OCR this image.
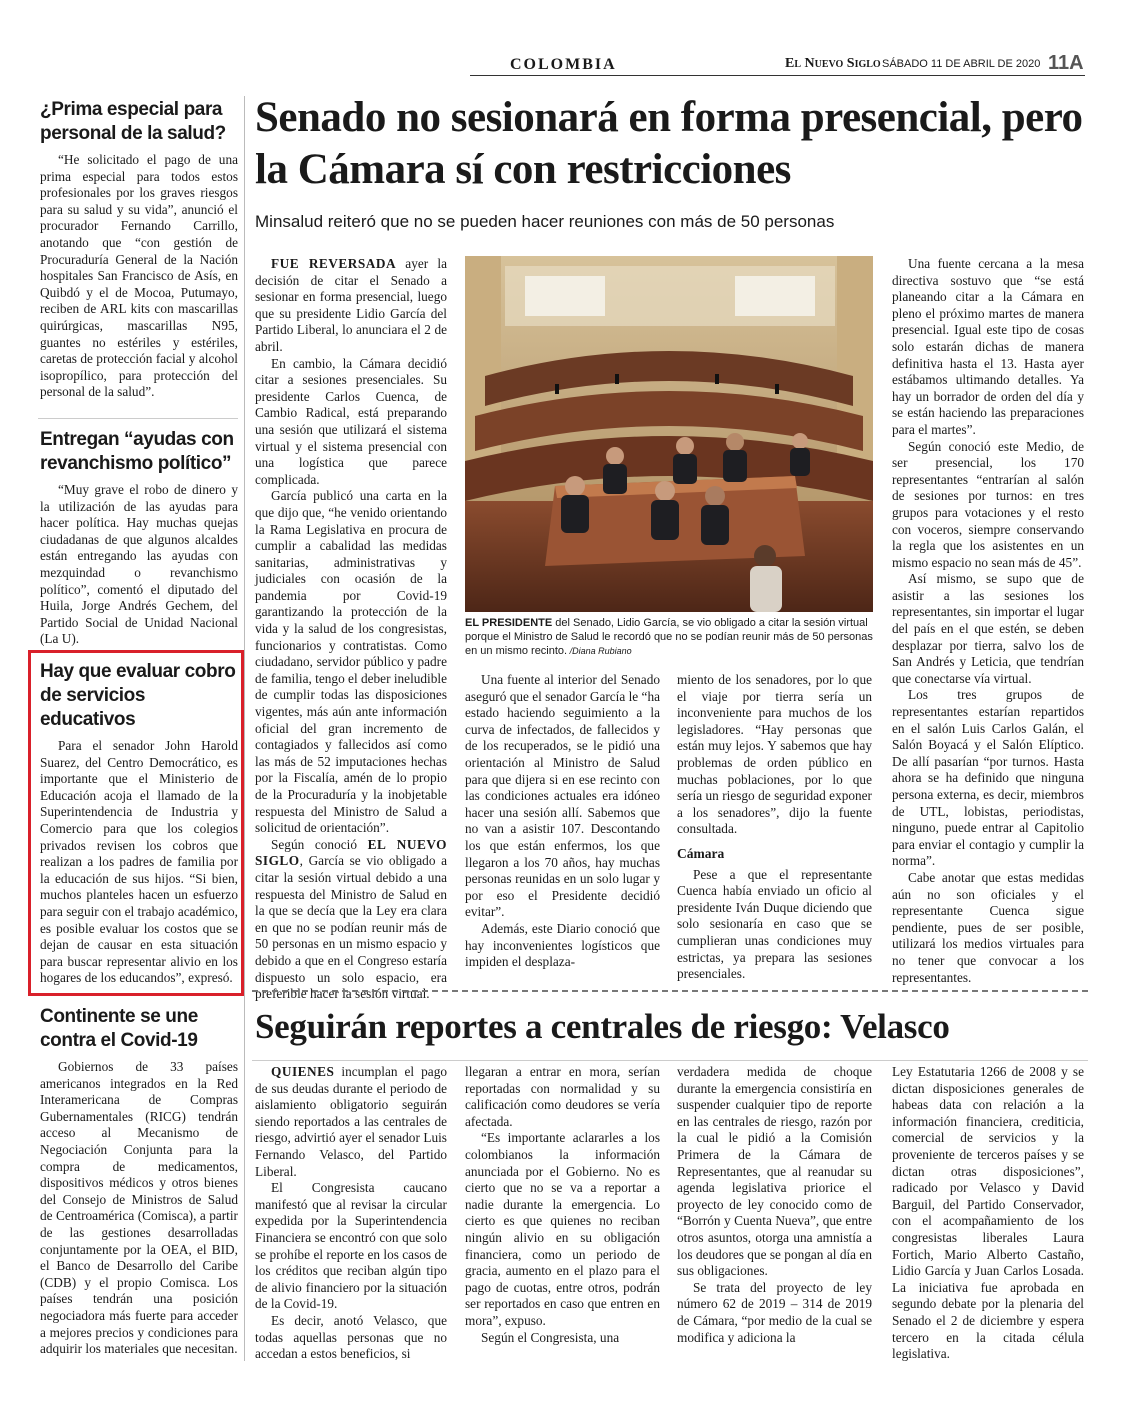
COLOMBIA	El Nuevo Siglo SÁBADO 11 DE ABRIL DE 2020 11A
¿Prima especial para personal de la salud?

“He solicitado el pago de una prima especial para todos estos profesionales por los graves riesgos para su salud y su vida”, anunció el procurador Fernando Carrillo, anotando que “con gestión de Procuraduría General de la Nación hospitales San Francisco de Asís, en Quibdó y el de Mocoa, Putumayo, reciben de ARL kits con mascarillas quirúrgicas, mascarillas N95, guantes no estériles y estériles, caretas de protección facial y alcohol isopropílico, para protección del personal de la salud”.

Entregan “ayudas con revanchismo político”

“Muy grave el robo de dinero y la utilización de las ayudas para hacer política. Hay muchas quejas ciudadanas de que algunos alcaldes están entregando las ayudas con mezquindad o revanchismo político”, comentó el diputado del Huila, Jorge Andrés Gechem, del Partido Social de Unidad Nacional (La U).

Hay que evaluar cobro de servicios educativos

Para el senador John Harold Suarez, del Centro Democrático, es importante que el Ministerio de Educación acoja el llamado de la Superintendencia de Industria y Comercio para que los colegios privados revisen los cobros que realizan a los padres de familia por la educación de sus hijos. “Si bien, muchos planteles hacen un esfuerzo para seguir con el trabajo académico, es posible evaluar los costos que se dejan de causar en esta situación para buscar representar alivio en los hogares de los educandos”, expresó.

Continente se une contra el Covid-19

Gobiernos de 33 países americanos integrados en la Red Interamericana de Compras Gubernamentales (RICG) tendrán acceso al Mecanismo de Negociación Conjunta para la compra de medicamentos, dispositivos médicos y otros bienes del Consejo de Ministros de Salud de Centroamérica (Comisca), a partir de las gestiones desarrolladas conjuntamente por la OEA, el BID, el Banco de Desarrollo del Caribe (CDB) y el propio Comisca. Los países tendrán una posición negociadora más fuerte para acceder a mejores precios y condiciones para adquirir los materiales que necesitan.

Senado no sesionará en forma presencial, pero la Cámara sí con restricciones
Minsalud reiteró que no se pueden hacer reuniones con más de 50 personas

FUE REVERSADA ayer la decisión de citar el Senado a sesionar en forma presencial, luego que su presidente Lidio García del Partido Liberal, lo anunciara el 2 de abril.

En cambio, la Cámara decidió citar a sesiones presenciales. Su presidente Carlos Cuenca, de Cambio Radical, está preparando una sesión que utilizará el sistema virtual y el sistema presencial con una logística que parece complicada.

García publicó una carta en la que dijo que, “he venido orientando la Rama Legislativa en procura de cumplir a cabalidad las medidas sanitarias, administrativas y judiciales con ocasión de la pandemia por Covid-19 garantizando la protección de la vida y la salud de los congresistas, funcionarios y contratistas. Como ciudadano, servidor público y padre de familia, tengo el deber ineludible de cumplir todas las disposiciones vigentes, más aún ante información oficial del gran incremento de contagiados y fallecidos así como las más de 52 imputaciones hechas por la Fiscalía, amén de lo propio de la Procuraduría y la inobjetable respuesta del Ministro de Salud a solicitud de orientación”.

Según conoció EL NUEVO SIGLO, García se vio obligado a citar la sesión virtual debido a una respuesta del Ministro de Salud en la que se decía que la Ley era clara en que no se podían reunir más de 50 personas en un mismo espacio y debido a que en el Congreso estaría dispuesto un solo espacio, era preferible hacer la sesión virtual.

EL PRESIDENTE del Senado, Lidio García, se vio obligado a citar la sesión virtual porque el Ministro de Salud le recordó que no se podían reunir más de 50 personas en un mismo recinto. /Diana Rubiano

Una fuente al interior del Senado aseguró que el senador García le “ha estado haciendo seguimiento a la curva de infectados, de fallecidos y de los recuperados, se le pidió una orientación al Ministro de Salud para que dijera si en ese recinto con las condiciones actuales era idóneo hacer una sesión allí. Sabemos que no van a asistir 107. Descontando los que están enfermos, los que llegaron a los 70 años, hay muchas personas reunidas en un solo lugar y por eso el Presidente decidió evitar”.

Además, este Diario conoció que hay inconvenientes logísticos que impiden el desplaza-

miento de los senadores, por lo que el viaje por tierra sería un inconveniente para muchos de los legisladores. “Hay personas que están muy lejos. Y sabemos que hay problemas de orden público en muchas poblaciones, por lo que sería un riesgo de seguridad exponer a los senadores”, dijo la fuente consultada.

Cámara

Pese a que el representante Cuenca había enviado un oficio al presidente Iván Duque diciendo que solo sesionaría en caso que se cumplieran unas condiciones muy estrictas, ya prepara las sesiones presenciales.

Una fuente cercana a la mesa directiva sostuvo que “se está planeando citar a la Cámara en pleno el próximo martes de manera presencial. Igual este tipo de cosas solo estarán dichas de manera definitiva hasta el 13. Hasta ayer estábamos ultimando detalles. Ya hay un borrador de orden del día y se están haciendo las preparaciones para el martes”.

Según conoció este Medio, de ser presencial, los 170 representantes “entrarían al salón de sesiones por turnos: en tres grupos para votaciones y el resto con voceros, siempre conservando la regla que los asistentes en un mismo espacio no sean más de 45”.

Así mismo, se supo que de asistir a las sesiones los representantes, sin importar el lugar del país en el que estén, se deben desplazar por tierra, salvo los de San Andrés y Leticia, que tendrían que conectarse vía virtual.

Los tres grupos de representantes estarían repartidos en el salón Luis Carlos Galán, el Salón Boyacá y el Salón Elíptico. De allí pasarían “por turnos. Hasta ahora se ha definido que ninguna persona externa, es decir, miembros de UTL, lobistas, periodistas, ninguno, puede entrar al Capitolio para enviar el contagio y cumplir la norma”.

Cabe anotar que estas medidas aún no son oficiales y el representante Cuenca sigue pendiente, pues de ser posible, utilizará los medios virtuales para no tener que convocar a los representantes.

Seguirán reportes a centrales de riesgo: Velasco

QUIENES incumplan el pago de sus deudas durante el periodo de aislamiento obligatorio seguirán siendo reportados a las centrales de riesgo, advirtió ayer el senador Luis Fernando Velasco, del Partido Liberal.

El Congresista caucano manifestó que al revisar la circular expedida por la Superintendencia Financiera se encontró con que solo se prohíbe el reporte en los casos de los créditos que reciban algún tipo de alivio financiero por la situación de la Covid-19.

Es decir, anotó Velasco, que todas aquellas personas que no accedan a estos beneficios, si

llegaran a entrar en mora, serían reportadas con normalidad y su calificación como deudores se vería afectada.

“Es importante aclararles a los colombianos la información anunciada por el Gobierno. No es cierto que no se va a reportar a nadie durante la emergencia. Lo cierto es que quienes no reciban ningún alivio en su obligación financiera, como un periodo de gracia, aumento en el plazo para el pago de cuotas, entre otros, podrán ser reportados en caso que entren en mora”, expuso.

Según el Congresista, una

verdadera medida de choque durante la emergencia consistiría en suspender cualquier tipo de reporte en las centrales de riesgo, razón por la cual le pidió a la Comisión Primera de la Cámara de Representantes, que al reanudar su agenda legislativa priorice el proyecto de ley conocido como de “Borrón y Cuenta Nueva”, que entre otros asuntos, otorga una amnistía a los deudores que se pongan al día en sus obligaciones.

Se trata del proyecto de ley número 62 de 2019 – 314 de 2019 de Cámara, “por medio de la cual se modifica y adiciona la

Ley Estatutaria 1266 de 2008 y se dictan disposiciones generales de habeas data con relación a la información financiera, crediticia, comercial de servicios y la proveniente de terceros países y se dictan otras disposiciones”, radicado por Velasco y David Barguil, del Partido Conservador, con el acompañamiento de los congresistas liberales Laura Fortich, Mario Alberto Castaño, Lidio García y Juan Carlos Losada. La iniciativa fue aprobada en segundo debate por la plenaria del Senado el 2 de diciembre y espera tercero en la citada célula legislativa.
